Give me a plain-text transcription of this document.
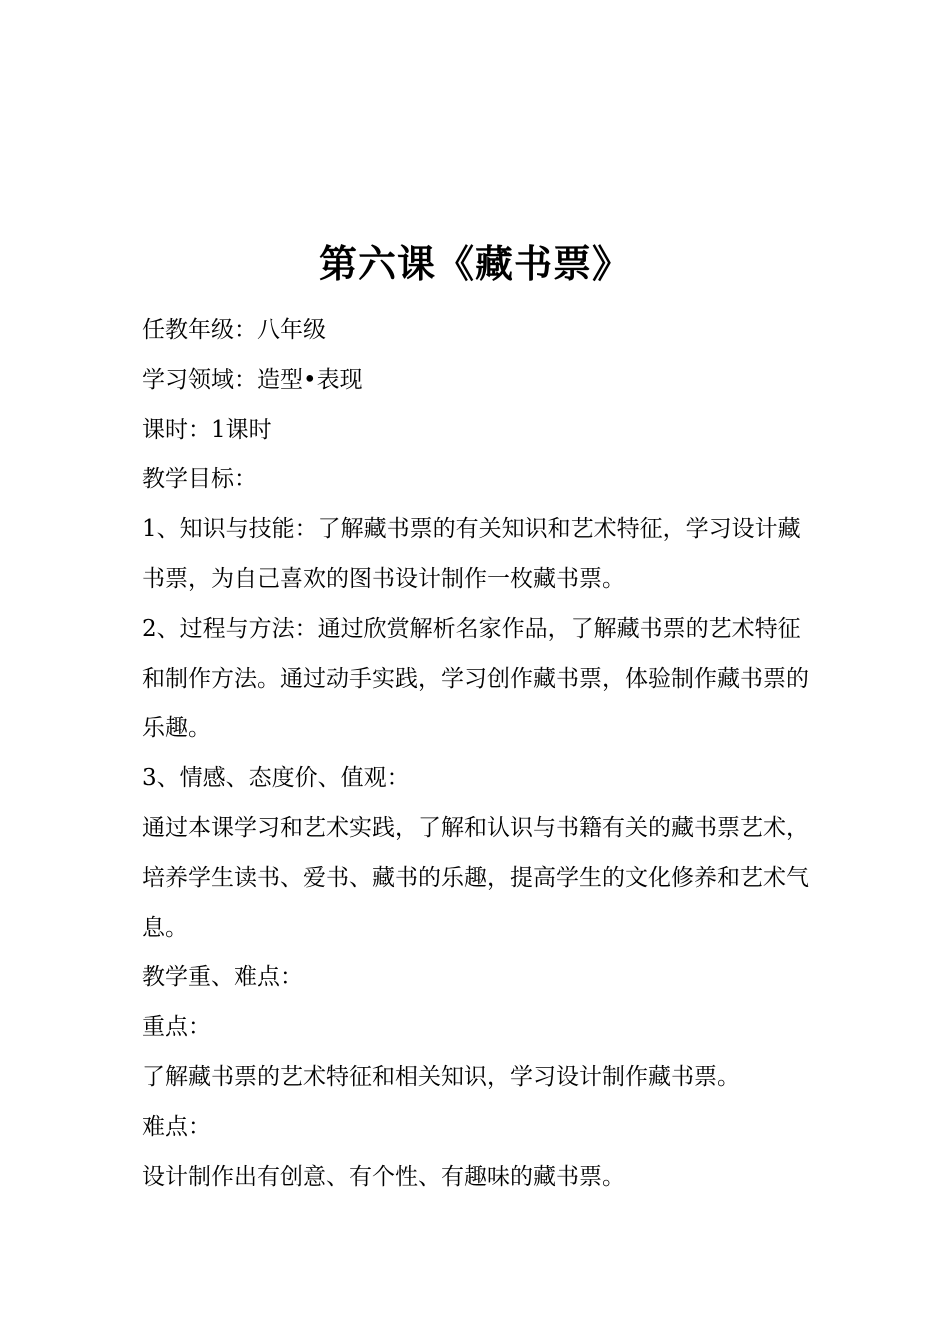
第六课《藏书票》

任教年级：八年级

学习领域：造型•表现

课时：1课时

教学目标：

1、知识与技能：了解藏书票的有关知识和艺术特征，学习设计藏书票，为自己喜欢的图书设计制作一枚藏书票。

2、过程与方法：通过欣赏解析名家作品，了解藏书票的艺术特征和制作方法。通过动手实践，学习创作藏书票，体验制作藏书票的乐趣。

3、情感、态度价、值观：

通过本课学习和艺术实践，了解和认识与书籍有关的藏书票艺术，培养学生读书、爱书、藏书的乐趣，提高学生的文化修养和艺术气息。

教学重、难点：

重点：

了解藏书票的艺术特征和相关知识，学习设计制作藏书票。

难点：

设计制作出有创意、有个性、有趣味的藏书票。
